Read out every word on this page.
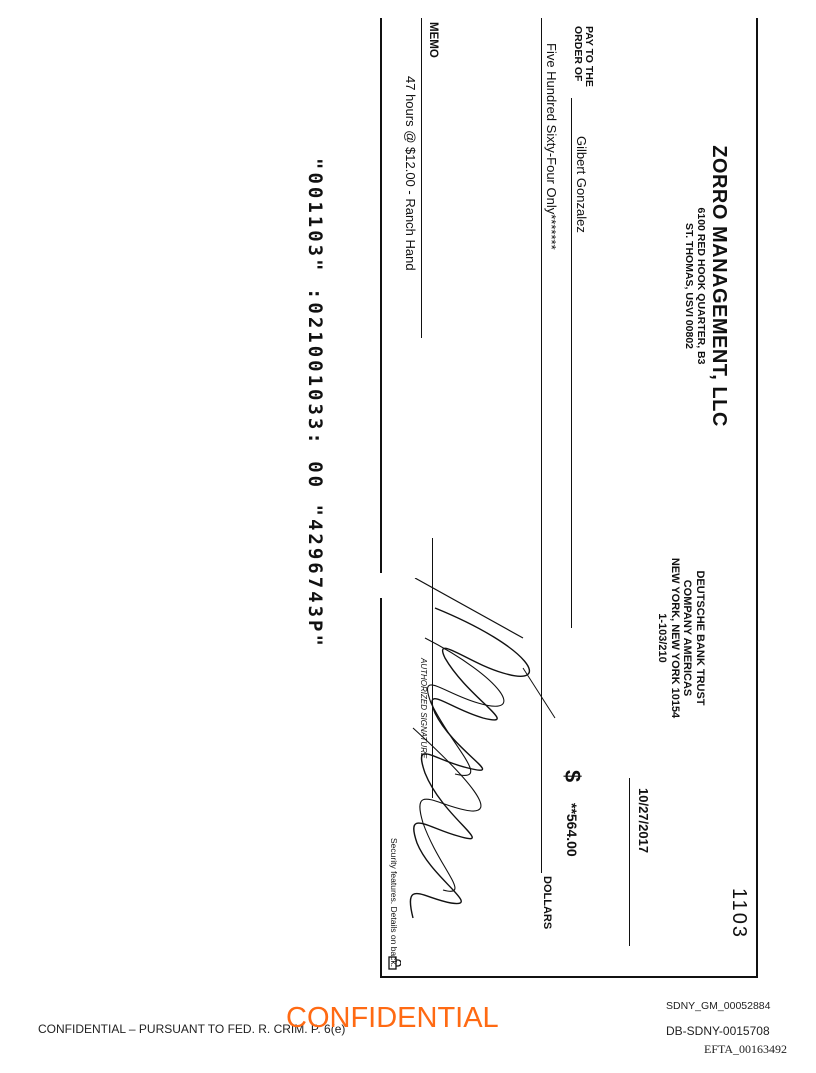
ZORRO MANAGEMENT, LLC
6100 RED HOOK QUARTER, B3
ST. THOMAS, USVI 00802
DEUTSCHE BANK TRUST
COMPANY AMERICAS
NEW YORK, NEW YORK 10154
1-103/210
1103
10/27/2017
PAY TO THE
ORDER OF
Gilbert Gonzalez
$
**564.00
Five Hundred Sixty-Four Only*******
DOLLARS
MEMO
47 hours @ $12.00 - Ranch Hand
AUTHORIZED SIGNATURE
Security features. Details on back.
"001103" :021001033: 00 "4296743P"
CONFIDENTIAL – PURSUANT TO FED. R. CRIM. P. 6(e)
CONFIDENTIAL	SDNY_GM_00052884
DB-SDNY-0015708
EFTA_00163492
